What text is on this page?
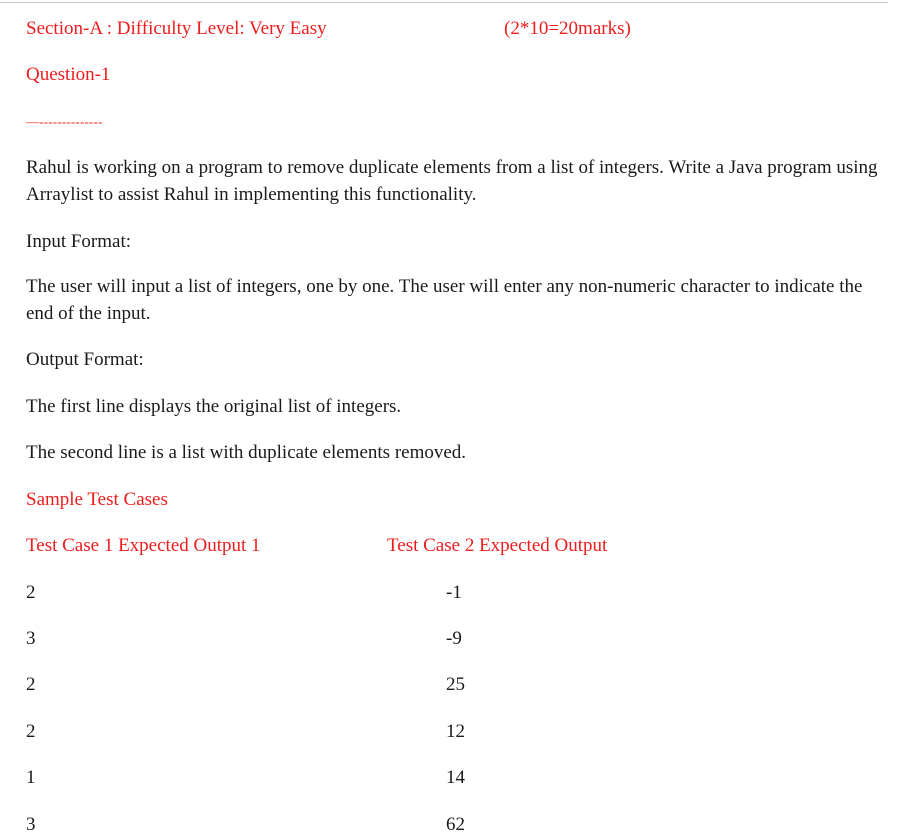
Section-A : Difficulty Level: Very Easy	(2*10=20marks)
Question-1
—--------------
Rahul is working on a program to remove duplicate elements from a list of integers. Write a Java program using Arraylist to assist Rahul in implementing this functionality.
Input Format:
The user will input a list of integers, one by one. The user will enter any non-numeric character to indicate the end of the input.
Output Format:
The first line displays the original list of integers.
The second line is a list with duplicate elements removed.
Sample Test Cases
Test Case 1 Expected Output 1	Test Case 2 Expected Output
2
3
2
2
1
3
-1
-9
25
12
14
62
